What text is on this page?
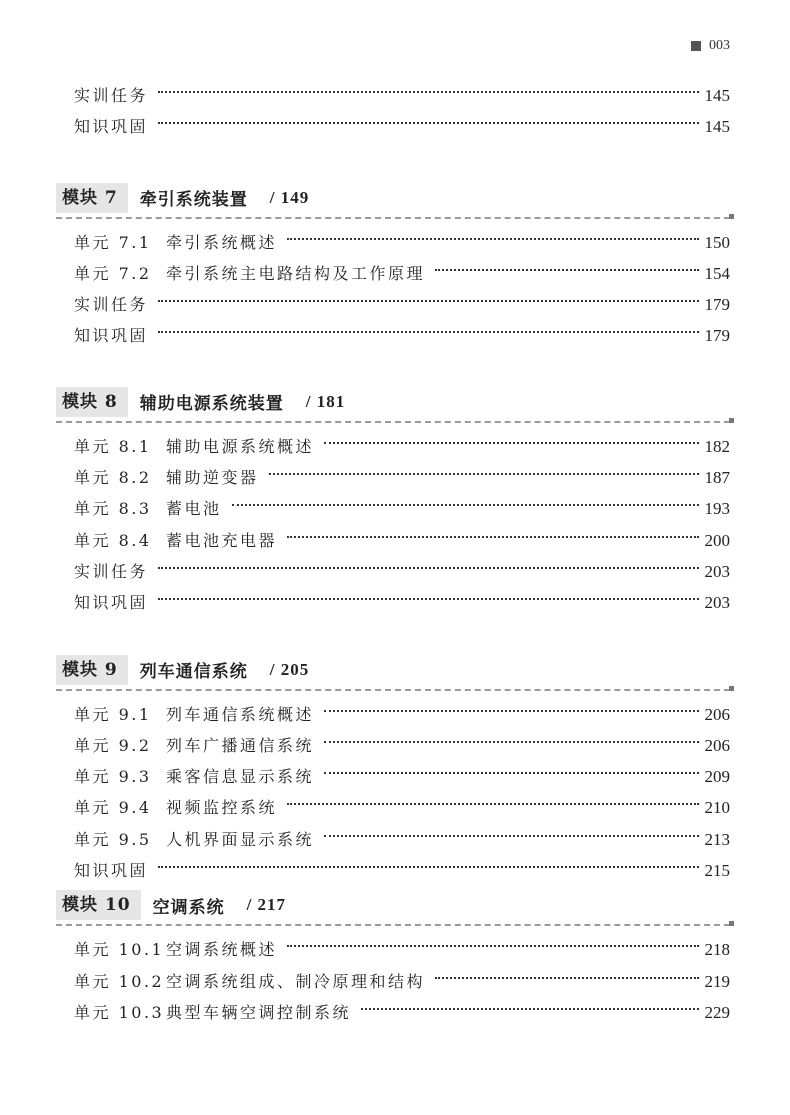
003
实训任务	145
知识巩固	145
模块 7	牵引系统装置 / 149
单元 7.1 牵引系统概述	150
单元 7.2 牵引系统主电路结构及工作原理	154
实训任务	179
知识巩固	179
模块 8	辅助电源系统装置 / 181
单元 8.1 辅助电源系统概述	182
单元 8.2 辅助逆变器	187
单元 8.3 蓄电池	193
单元 8.4 蓄电池充电器	200
实训任务	203
知识巩固	203
模块 9	列车通信系统 / 205
单元 9.1 列车通信系统概述	206
单元 9.2 列车广播通信系统	206
单元 9.3 乘客信息显示系统	209
单元 9.4 视频监控系统	210
单元 9.5 人机界面显示系统	213
知识巩固	215
模块 10	空调系统 / 217
单元 10.1 空调系统概述	218
单元 10.2 空调系统组成、制冷原理和结构	219
单元 10.3 典型车辆空调控制系统	229
